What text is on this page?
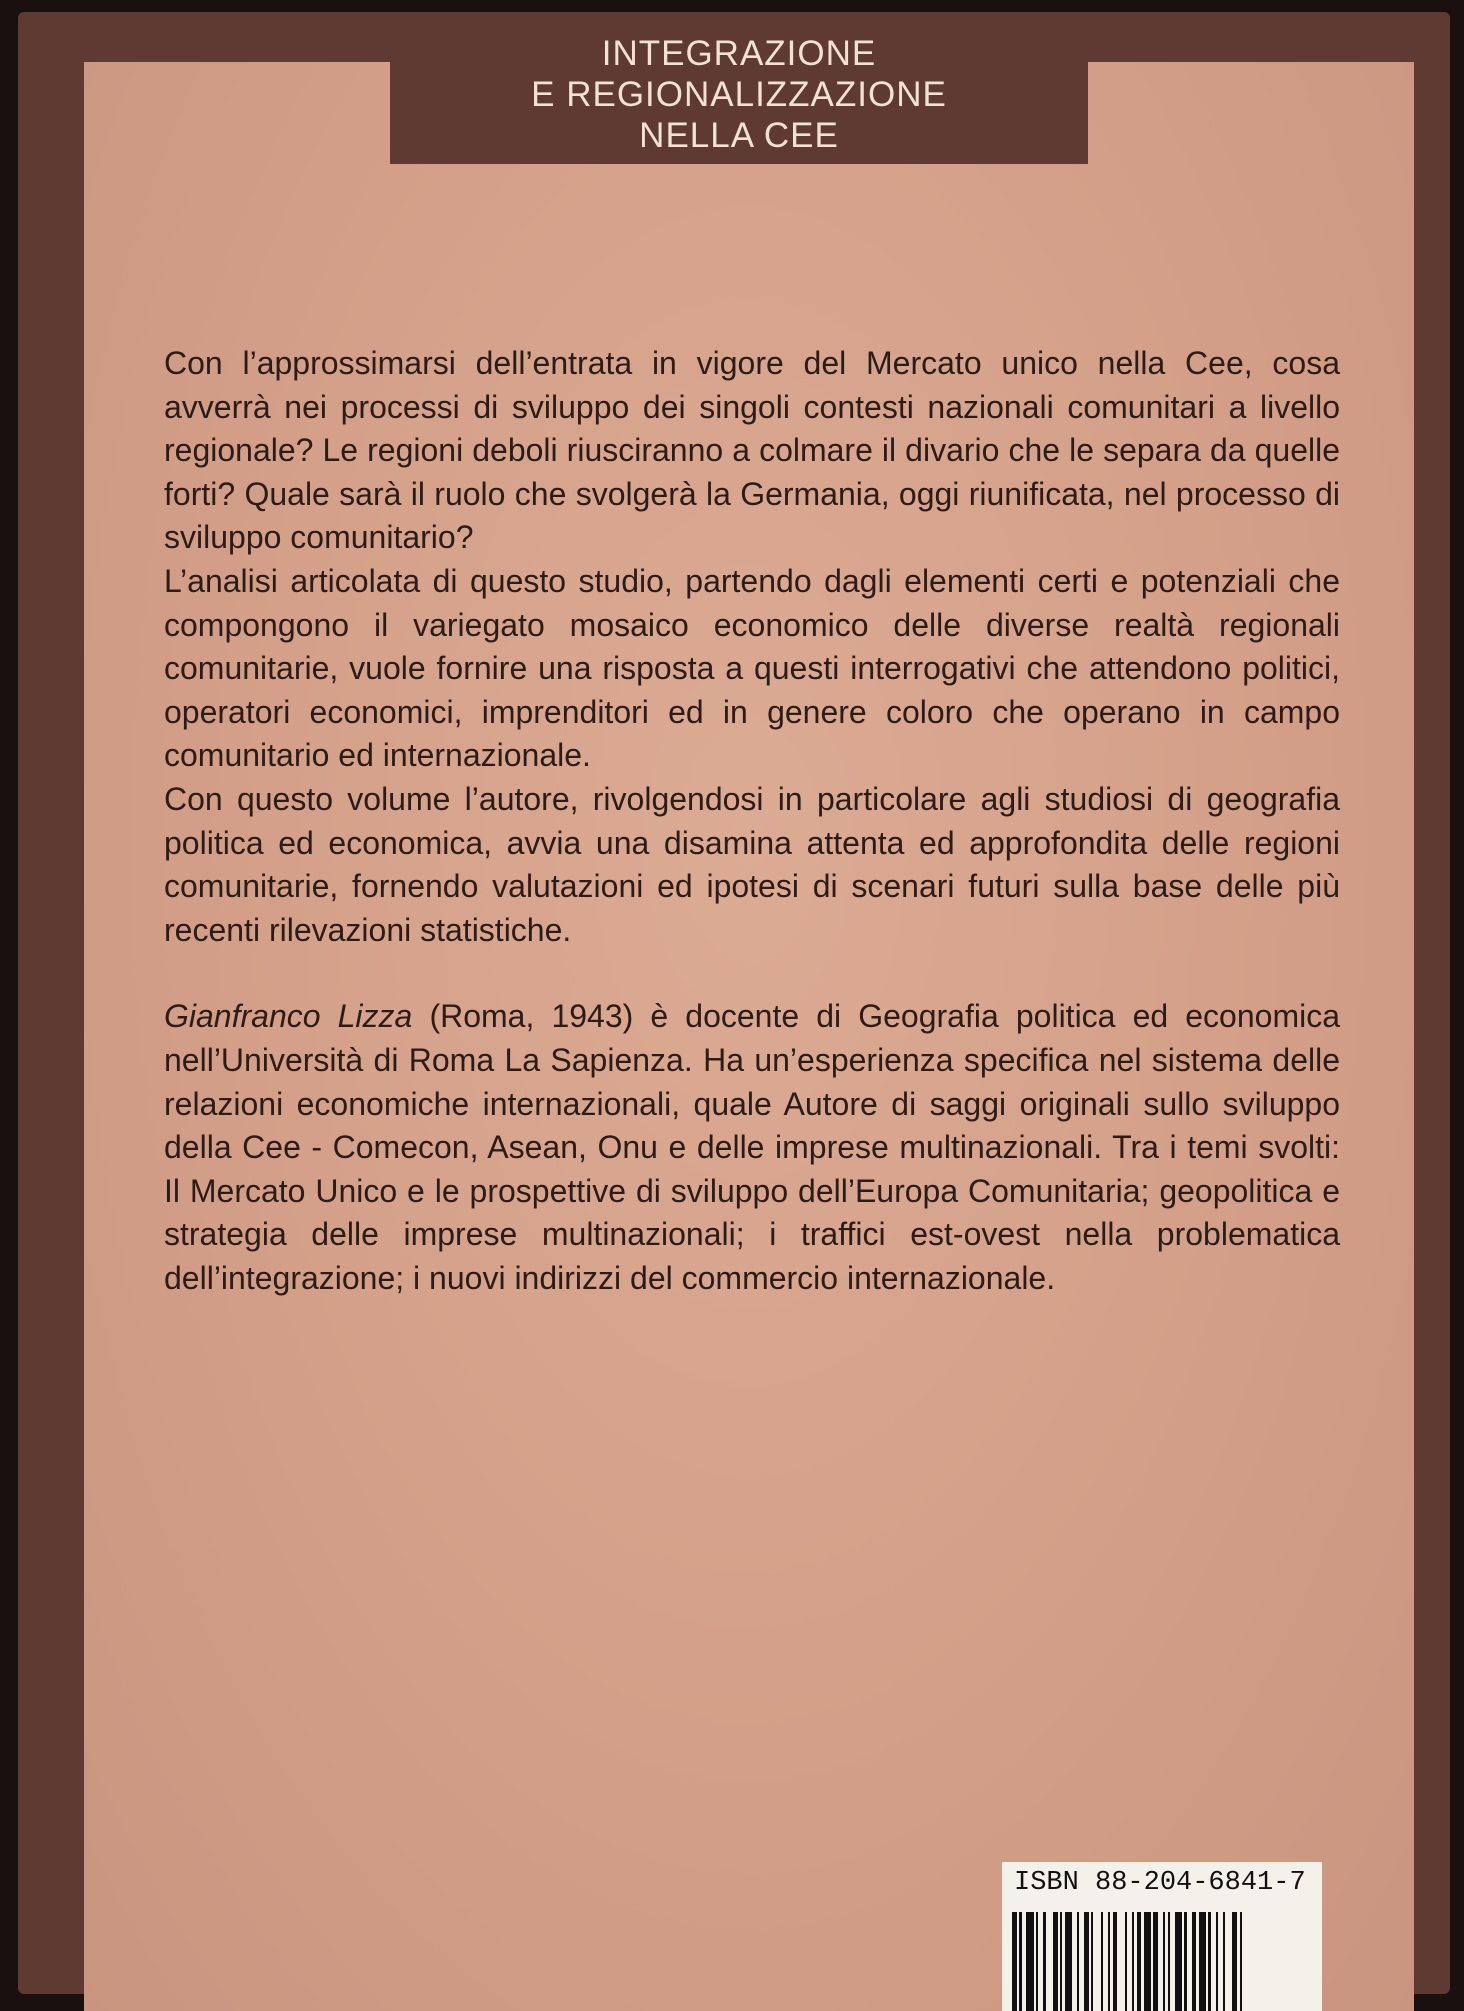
INTEGRAZIONE
E REGIONALIZZAZIONE
NELLA CEE

Con l’approssimarsi dell’entrata in vigore del Mercato unico nella Cee, cosa avverrà nei processi di sviluppo dei singoli contesti nazionali comunitari a livello regionale? Le regioni deboli riusciranno a colmare il divario che le separa da quelle forti? Quale sarà il ruolo che svolgerà la Germania, oggi riunificata, nel processo di sviluppo comunitario?

L’analisi articolata di questo studio, partendo dagli elementi certi e potenziali che compongono il variegato mosaico economico delle diverse realtà regionali comunitarie, vuole fornire una risposta a questi interrogativi che attendono politici, operatori economici, imprenditori ed in genere coloro che operano in campo comunitario ed internazionale.

Con questo volume l’autore, rivolgendosi in particolare agli studiosi di geografia politica ed economica, avvia una disamina attenta ed approfondita delle regioni comunitarie, fornendo valutazioni ed ipotesi di scenari futuri sulla base delle più recenti rilevazioni statistiche.

Gianfranco Lizza (Roma, 1943) è docente di Geografia politica ed economica nell’Università di Roma La Sapienza. Ha un’esperienza specifica nel sistema delle relazioni economiche internazionali, quale Autore di saggi originali sullo sviluppo della Cee - Comecon, Asean, Onu e delle imprese multinazionali. Tra i temi svolti: Il Mercato Unico e le prospettive di sviluppo dell’Europa Comunitaria; geopolitica e strategia delle imprese multinazionali; i traffici est-ovest nella problematica dell’integrazione; i nuovi indirizzi del commercio internazionale.

ISBN 88-204-6841-7
